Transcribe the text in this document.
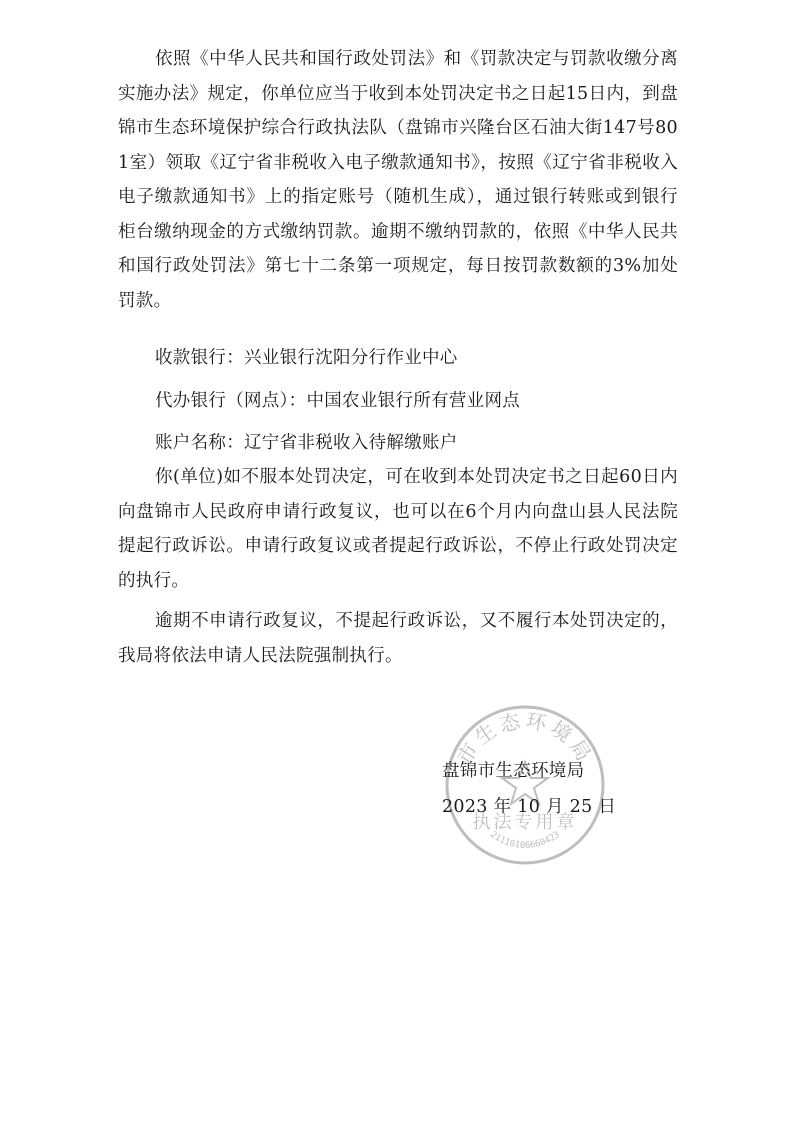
依照《中华人民共和国行政处罚法》和《罚款决定与罚款收缴分离实施办法》规定，你单位应当于收到本处罚决定书之日起15日内，到盘锦市生态环境保护综合行政执法队（盘锦市兴隆台区石油大街147号801室）领取《辽宁省非税收入电子缴款通知书》，按照《辽宁省非税收入电子缴款通知书》上的指定账号（随机生成），通过银行转账或到银行柜台缴纳现金的方式缴纳罚款。逾期不缴纳罚款的，依照《中华人民共和国行政处罚法》第七十二条第一项规定，每日按罚款数额的3%加处罚款。

收款银行：兴业银行沈阳分行作业中心

代办银行（网点）：中国农业银行所有营业网点

账户名称：辽宁省非税收入待解缴账户

你(单位)如不服本处罚决定，可在收到本处罚决定书之日起60日内向盘锦市人民政府申请行政复议，也可以在6个月内向盘山县人民法院提起行政诉讼。申请行政复议或者提起行政诉讼，不停止行政处罚决定的执行。

逾期不申请行政复议，不提起行政诉讼，又不履行本处罚决定的，我局将依法申请人民法院强制执行。

市生态环境局
执法专用章
21110106660423

盘锦市生态环境局

2023 年 10 月 25 日
